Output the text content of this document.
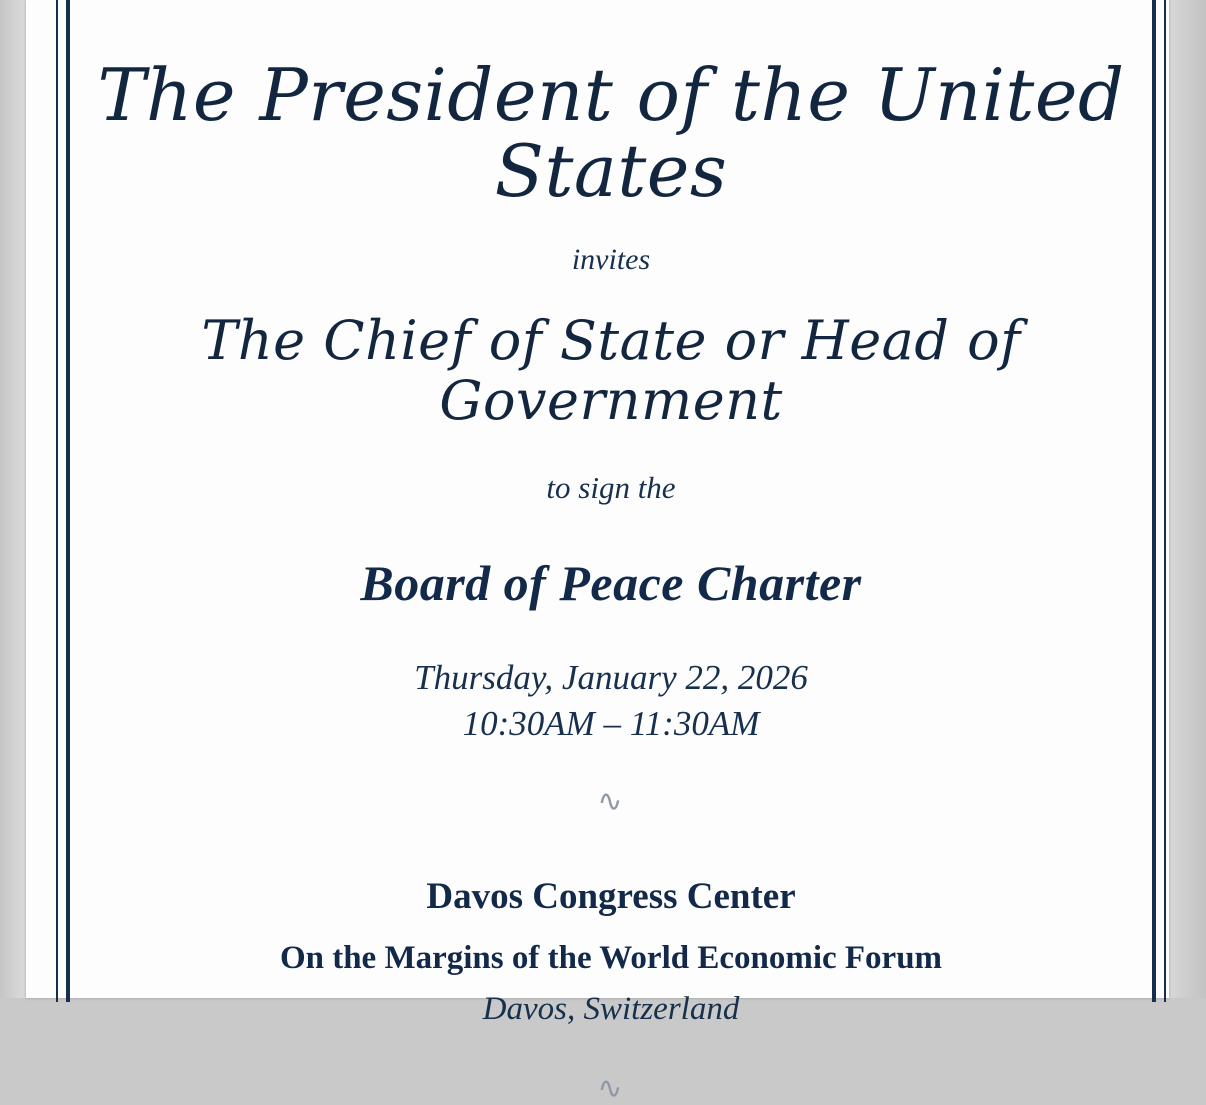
The President of the United States
invites
The Chief of State or Head of Government
to sign the
Board of Peace Charter
Thursday, January 22, 2026
10:30AM – 11:30AM
∿
Davos Congress Center
On the Margins of the World Economic Forum
Davos, Switzerland
∿
